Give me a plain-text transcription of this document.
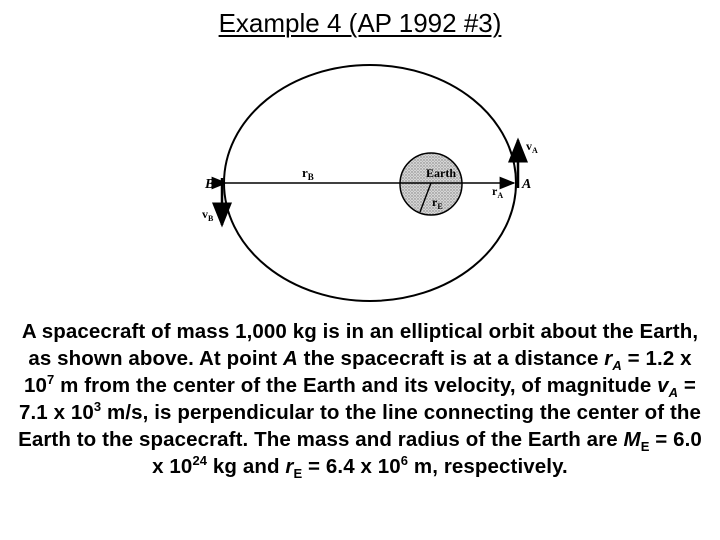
Example 4 (AP 1992 #3)
B	A
$r_B$
$r_A$
$v_A$
$v_B$
Earth
$r_E$
A spacecraft of mass 1,000 kg is in an elliptical orbit about the Earth, as shown above. At point A the spacecraft is at a distance $r_A = 1.2$ x $10^7$ m from the center of the Earth and its velocity, of magnitude $v_A = 7.1$ x $10^3$ m/s, is perpendicular to the line connecting the center of the Earth to the spacecraft. The mass and radius of the Earth are $M_E = 6.0$ x $10^{24}$ kg and $r_E = 6.4$ x $10^6$ m, respectively.
